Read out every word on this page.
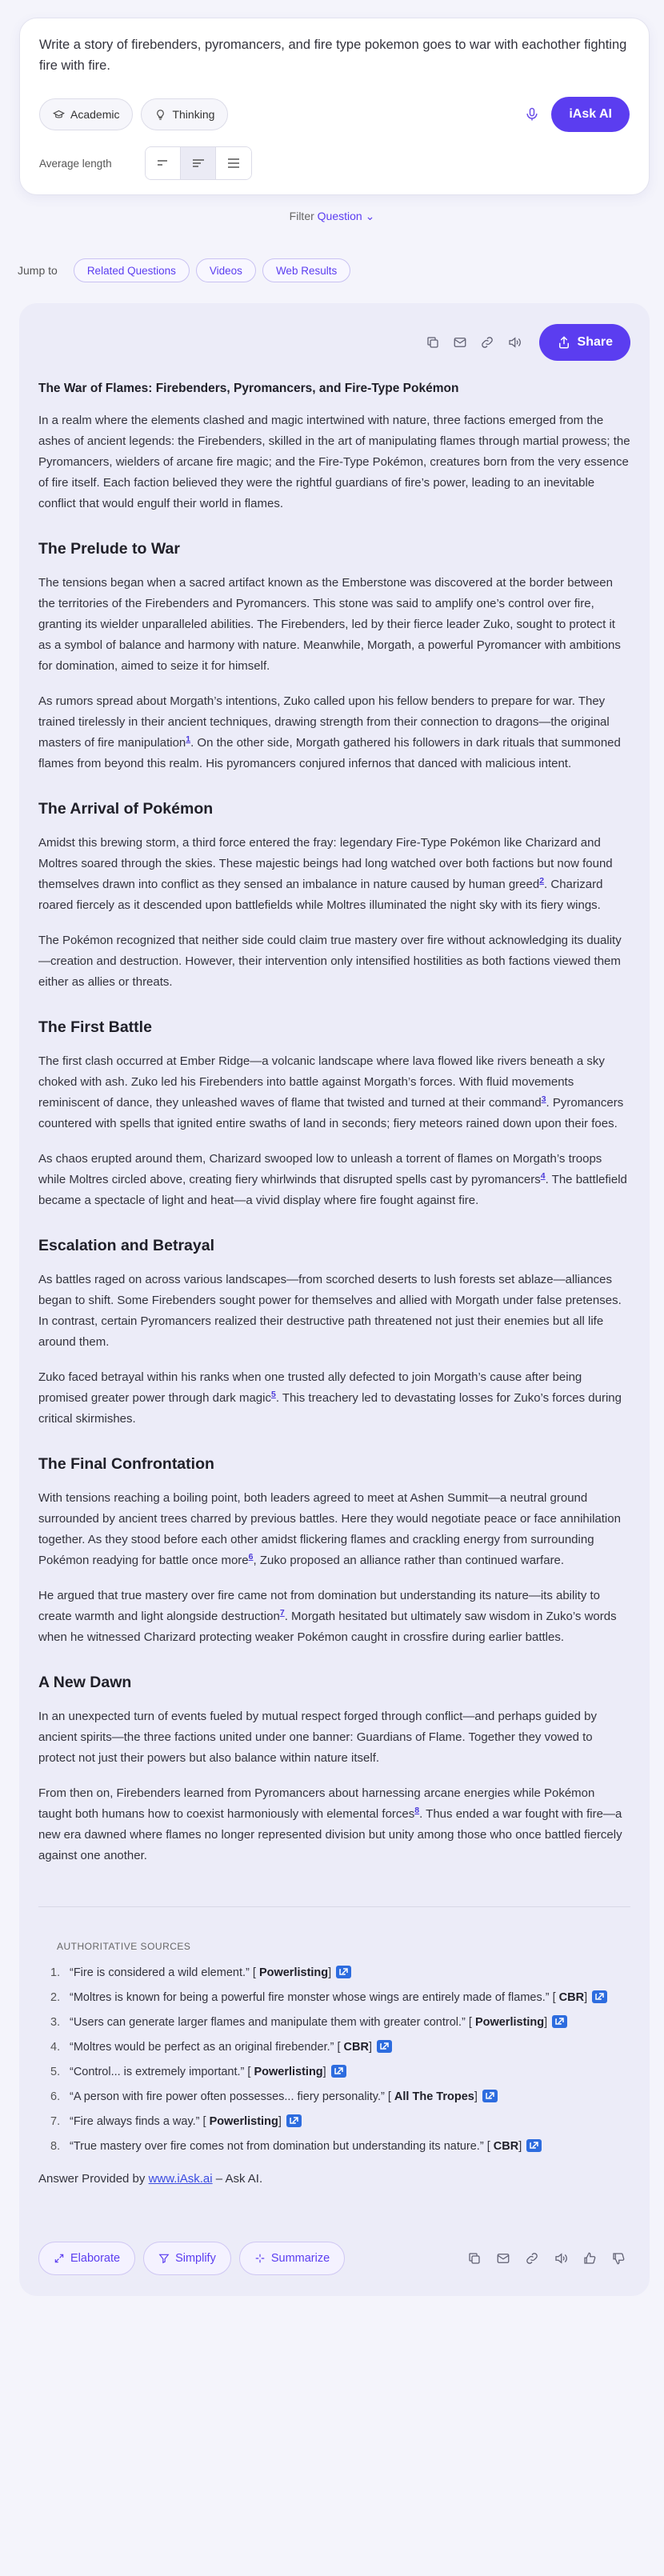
Write a story of firebenders, pyromancers, and fire type pokemon goes to war with eachother fighting fire with fire.
Academic	Thinking	iAsk AI
Average length
Filter Question ⌄
Jump to	Related Questions	Videos	Web Results
Share
The War of Flames: Firebenders, Pyromancers, and Fire-Type Pokémon

In a realm where the elements clashed and magic intertwined with nature, three factions emerged from the ashes of ancient legends: the Firebenders, skilled in the art of manipulating flames through martial prowess; the Pyromancers, wielders of arcane fire magic; and the Fire-Type Pokémon, creatures born from the very essence of fire itself. Each faction believed they were the rightful guardians of fire’s power, leading to an inevitable conflict that would engulf their world in flames.

The Prelude to War

The tensions began when a sacred artifact known as the Emberstone was discovered at the border between the territories of the Firebenders and Pyromancers. This stone was said to amplify one’s control over fire, granting its wielder unparalleled abilities. The Firebenders, led by their fierce leader Zuko, sought to protect it as a symbol of balance and harmony with nature. Meanwhile, Morgath, a powerful Pyromancer with ambitions for domination, aimed to seize it for himself.

As rumors spread about Morgath’s intentions, Zuko called upon his fellow benders to prepare for war. They trained tirelessly in their ancient techniques, drawing strength from their connection to dragons—the original masters of fire manipulation$^1$. On the other side, Morgath gathered his followers in dark rituals that summoned flames from beyond this realm. His pyromancers conjured infernos that danced with malicious intent.

The Arrival of Pokémon

Amidst this brewing storm, a third force entered the fray: legendary Fire-Type Pokémon like Charizard and Moltres soared through the skies. These majestic beings had long watched over both factions but now found themselves drawn into conflict as they sensed an imbalance in nature caused by human greed$^2$. Charizard roared fiercely as it descended upon battlefields while Moltres illuminated the night sky with its fiery wings.

The Pokémon recognized that neither side could claim true mastery over fire without acknowledging its duality—creation and destruction. However, their intervention only intensified hostilities as both factions viewed them either as allies or threats.

The First Battle

The first clash occurred at Ember Ridge—a volcanic landscape where lava flowed like rivers beneath a sky choked with ash. Zuko led his Firebenders into battle against Morgath’s forces. With fluid movements reminiscent of dance, they unleashed waves of flame that twisted and turned at their command$^3$. Pyromancers countered with spells that ignited entire swaths of land in seconds; fiery meteors rained down upon their foes.

As chaos erupted around them, Charizard swooped low to unleash a torrent of flames on Morgath’s troops while Moltres circled above, creating fiery whirlwinds that disrupted spells cast by pyromancers$^4$. The battlefield became a spectacle of light and heat—a vivid display where fire fought against fire.

Escalation and Betrayal

As battles raged on across various landscapes—from scorched deserts to lush forests set ablaze—alliances began to shift. Some Firebenders sought power for themselves and allied with Morgath under false pretenses. In contrast, certain Pyromancers realized their destructive path threatened not just their enemies but all life around them.

Zuko faced betrayal within his ranks when one trusted ally defected to join Morgath’s cause after being promised greater power through dark magic$^5$. This treachery led to devastating losses for Zuko’s forces during critical skirmishes.

The Final Confrontation

With tensions reaching a boiling point, both leaders agreed to meet at Ashen Summit—a neutral ground surrounded by ancient trees charred by previous battles. Here they would negotiate peace or face annihilation together. As they stood before each other amidst flickering flames and crackling energy from surrounding Pokémon readying for battle once more$^6$, Zuko proposed an alliance rather than continued warfare.

He argued that true mastery over fire came not from domination but understanding its nature—its ability to create warmth and light alongside destruction$^7$. Morgath hesitated but ultimately saw wisdom in Zuko’s words when he witnessed Charizard protecting weaker Pokémon caught in crossfire during earlier battles.

A New Dawn

In an unexpected turn of events fueled by mutual respect forged through conflict—and perhaps guided by ancient spirits—the three factions united under one banner: Guardians of Flame. Together they vowed to protect not just their powers but also balance within nature itself.

From then on, Firebenders learned from Pyromancers about harnessing arcane energies while Pokémon taught both humans how to coexist harmoniously with elemental forces$^8$. Thus ended a war fought with fire—a new era dawned where flames no longer represented division but unity among those who once battled fiercely against one another.

AUTHORITATIVE SOURCES
1. “Fire is considered a wild element.” [ Powerlisting]
2. “Moltres is known for being a powerful fire monster whose wings are entirely made of flames.” [ CBR]
3. “Users can generate larger flames and manipulate them with greater control.” [ Powerlisting]
4. “Moltres would be perfect as an original firebender.” [ CBR]
5. “Control... is extremely important.” [ Powerlisting]
6. “A person with fire power often possesses... fiery personality.” [ All The Tropes]
7. “Fire always finds a way.” [ Powerlisting]
8. “True mastery over fire comes not from domination but understanding its nature.” [ CBR]
Answer Provided by www.iAsk.ai – Ask AI.
Elaborate	Simplify	Summarize
